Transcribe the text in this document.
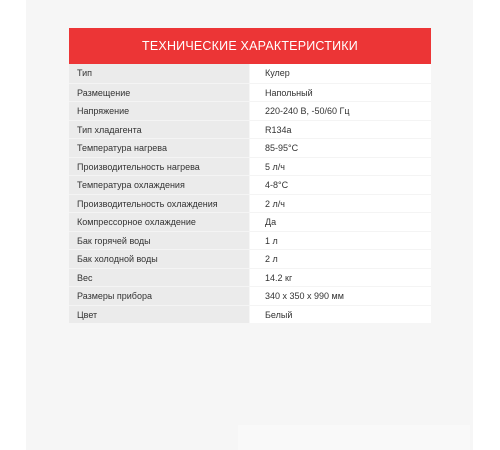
ТЕХНИЧЕСКИЕ ХАРАКТЕРИСТИКИ
Тип	Кулер
Размещение	Напольный
Напряжение	220-240 В, -50/60 Гц
Тип хладагента	R134a
Температура нагрева	85-95°C
Производительность нагрева	5 л/ч
Температура охлаждения	4-8°C
Производительность охлаждения	2 л/ч
Компрессорное охлаждение	Да
Бак горячей воды	1 л
Бак холодной воды	2 л
Вес	14.2 кг
Размеры прибора	340 x 350 x 990 мм
Цвет	Белый
